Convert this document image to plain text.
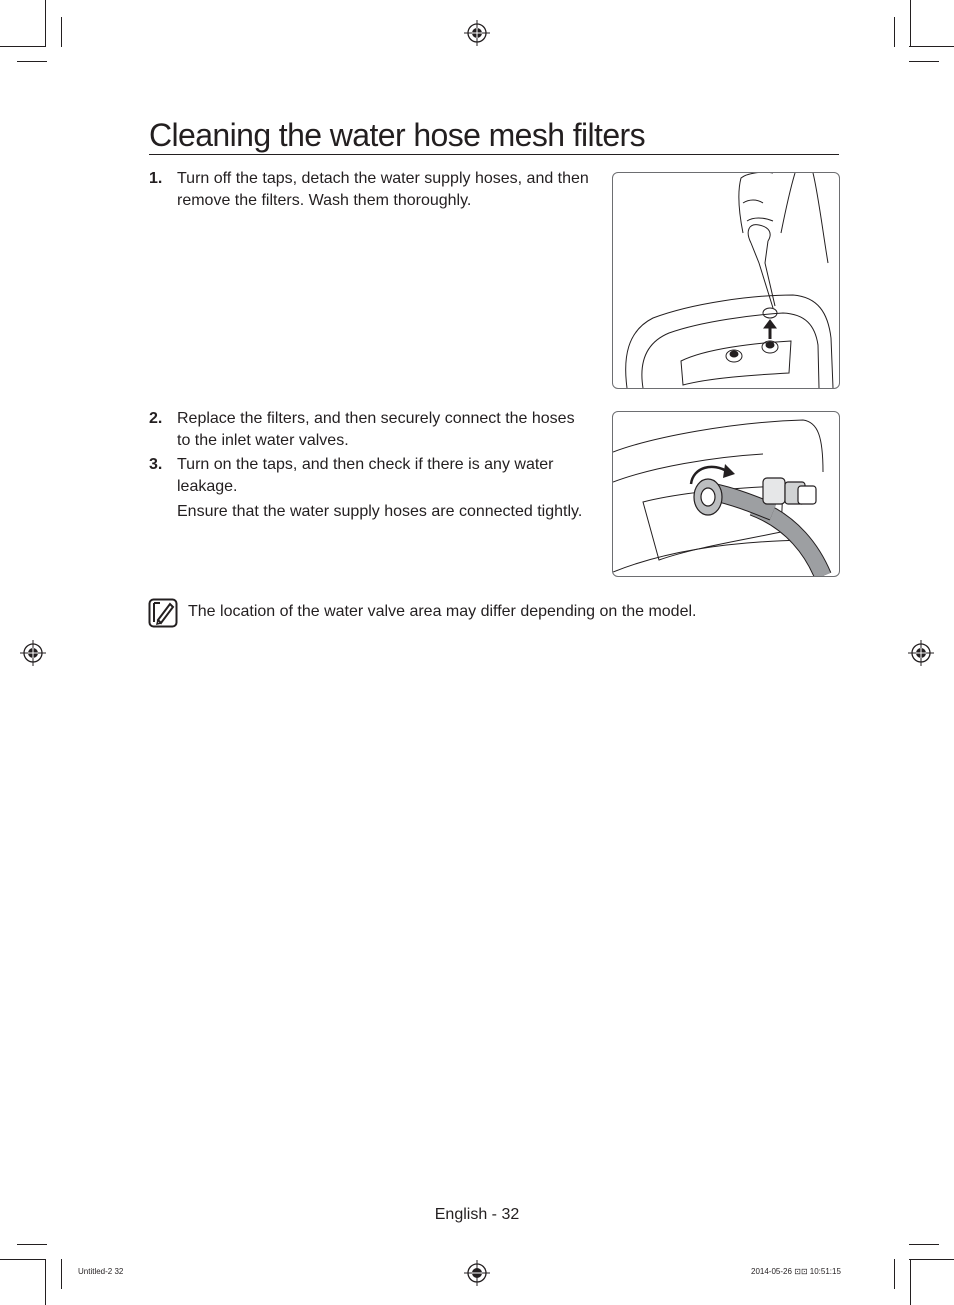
Cleaning the water hose mesh filters
1. Turn off the taps, detach the water supply hoses, and then remove the filters. Wash them thoroughly.
2. Replace the filters, and then securely connect the hoses to the inlet water valves.
3. Turn on the taps, and then check if there is any water leakage.
Ensure that the water supply hoses are connected tightly.
The location of the water valve area may differ depending on the model.
English - 32
Untitled-2 32	2014-05-26 ⊡⊡ 10:51:15
